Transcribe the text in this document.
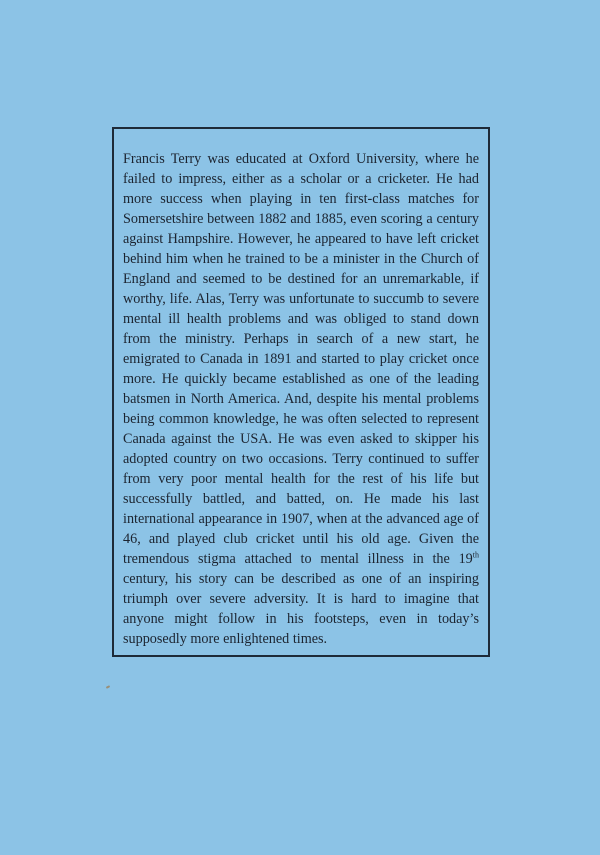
Francis Terry was educated at Oxford University, where he failed to impress, either as a scholar or a cricketer. He had more success when playing in ten first-class matches for Somersetshire between 1882 and 1885, even scoring a century against Hampshire. However, he appeared to have left cricket behind him when he trained to be a minister in the Church of England and seemed to be destined for an unremarkable, if worthy, life. Alas, Terry was unfortunate to succumb to severe mental ill health problems and was obliged to stand down from the ministry. Perhaps in search of a new start, he emigrated to Canada in 1891 and started to play cricket once more. He quickly became established as one of the leading batsmen in North America. And, despite his mental problems being common knowledge, he was often selected to represent Canada against the USA. He was even asked to skipper his adopted country on two occasions. Terry continued to suffer from very poor mental health for the rest of his life but successfully battled, and batted, on. He made his last international appearance in 1907, when at the advanced age of 46, and played club cricket until his old age. Given the tremendous stigma attached to mental illness in the 19th century, his story can be described as one of an inspiring triumph over severe adversity. It is hard to imagine that anyone might follow in his footsteps, even in today’s supposedly more enlightened times.
